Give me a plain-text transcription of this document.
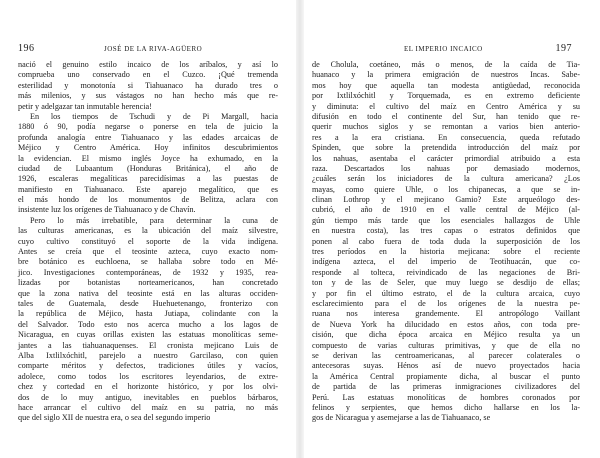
196	JOSÉ DE LA RIVA-AGÜERO
nació el genuino estilo incaico de los aríbalos, y así lo
comprueba uno conservado en el Cuzco. ¡Qué tremenda
esterilidad y monotonía si Tiahuanaco ha durado tres o
más milenios, y sus vástagos no han hecho más que re-
petir y adelgazar tan inmutable herencia!
En los tiempos de Tschudi y de Pi Margall, hacia
1880 ó 90, podía negarse o ponerse en tela de juicio la
profunda analogía entre Tiahuanaco y las edades arcaicas de
Méjico y Centro América. Hoy infinitos descubrimientos
la evidencian. El mismo inglés Joyce ha exhumado, en la
ciudad de Lubaantum (Honduras Británica), el año de
1926, escaleras megalíticas parecidísimas a las puestas de
manifiesto en Tiahuanaco. Este aparejo megalítico, que es
el más hondo de los monumentos de Belitza, aclara con
insistente luz los orígenes de Tiahuanaco y de Chavín.
Pero lo más irrebatible, para determinar la cuna de
las culturas americanas, es la ubicación del maíz silvestre,
cuyo cultivo constituyó el soporte de la vida indígena.
Antes se creía que el teosinte azteca, cuyo exacto nom-
bre botánico es euchloena, se hallaba sobre todo en Mé-
jico. Investigaciones contemporáneas, de 1932 y 1935, rea-
lizadas por botanistas norteamericanos, han concretado
que la zona nativa del teosinte está en las alturas occiden-
tales de Guatemala, desde Huehuetenango, fronterizo con
la república de Méjico, hasta Jutiapa, colindante con la
del Salvador. Todo esto nos acerca mucho a los lagos de
Nicaragua, en cuyas orillas existen las estatuas monolíticas seme-
jantes a las tiahuanaquenses. El cronista mejicano Luis de
Alba Ixtlilxóchitl, parejelo a nuestro Garcilaso, con quien
comparte méritos y defectos, tradiciones útiles y vacíos,
adolece, como todos los escritores leyendarios, de extre-
chez y cortedad en el horizonte histórico, y por los olvi-
dos de lo muy antiguo, inevitables en pueblos bárbaros,
hace arrancar el cultivo del maíz en su patria, no más
que del siglo XII de nuestra era, o sea del segundo imperio
EL IMPERIO INCAICO	197
de Cholula, coetáneo, más o menos, de la caída de Tia-
huanaco y la primera emigración de nuestros Incas. Sabe-
mos hoy que aquella tan modesta antigüedad, reconocida
por Ixtlilxóchitl y Torquemada, es en extremo deficiente
y diminuta: el cultivo del maíz en Centro América y su
difusión en todo el continente del Sur, han tenido que re-
querir muchos siglos y se remontan a varios bien anterio-
res a la era cristiana. En consecuencia, queda refutado
Spinden, que sobre la pretendida introducción del maíz por
los nahuas, asentaba el carácter primordial atribuido a esta
raza. Descartados los nahuas por demasiado modernos,
¿cuáles serán los iniciadores de la cultura americana? ¿Los
mayas, como quiere Uhle, o los chipanecas, a que se in-
clinan Lothrop y el mejicano Gamio? Este arqueólogo des-
cubrió, el año de 1910 en el valle central de Méjico (al-
gún tiempo más tarde que los esenciales hallazgos de Uhle
en nuestra costa), las tres capas o estratos definidos que
ponen al cabo fuera de toda duda la superposición de los
tres períodos en la historia mejicana: sobre el reciente
indígena azteca, el del imperio de Teotihuacán, que co-
responde al tolteca, reivindicado de las negaciones de Bri-
ton y de las de Seler, que muy luego se desdijo de ellas;
y por fin el último estrato, el de la cultura arcaica, cuyo
esclarecimiento para el de los orígenes de la nuestra pe-
ruana nos interesa grandemente. El antropólogo Vaillant
de Nueva York ha dilucidado en estos años, con toda pre-
cisión, que dicha época arcaica en Méjico resulta ya un
compuesto de varias culturas primitivas, y que de ella no
se derivan las centroamericanas, al parecer colaterales o
antecesoras suyas. Hénos así de nuevo proyectados hacia
la América Central propiamente dicha, al buscar el punto
de partida de las primeras inmigraciones civilizadores del
Perú. Las estatuas monolíticas de hombres coronados por
felinos y serpientes, que hemos dicho hallarse en los la-
gos de Nicaragua y asemejarse a las de Tiahuanaco, se
